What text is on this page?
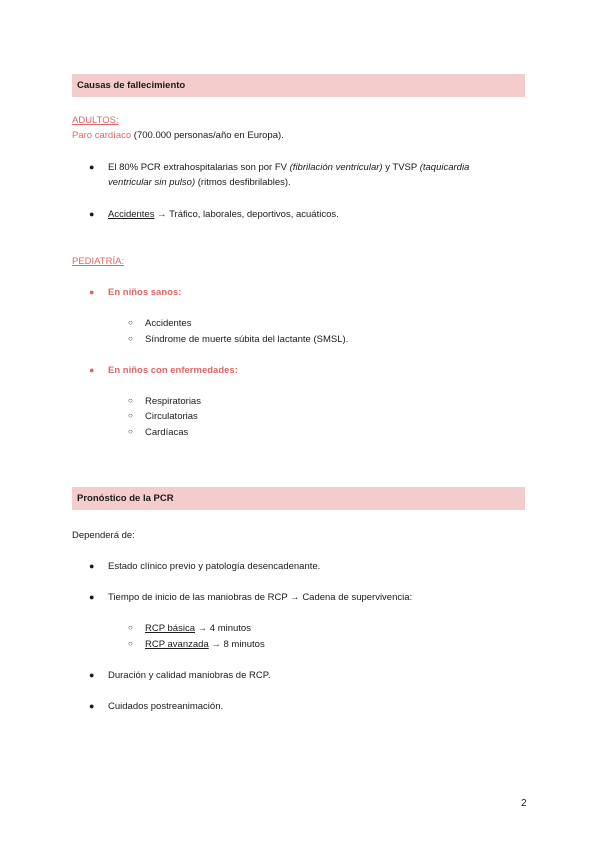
Causas de fallecimiento
ADULTOS:
Paro cardíaco (700.000 personas/año en Europa).
● El 80% PCR extrahospitalarias son por FV (fibrilación ventricular) y TVSP (taquicardia
ventricular sin pulso) (ritmos desfibrilables).
● Accidentes → Tráfico, laborales, deportivos, acuáticos.
PEDIATRÍA:
● En niños sanos:
○ Accidentes
○ Síndrome de muerte súbita del lactante (SMSL).
● En niños con enfermedades:
○ Respiratorias
○ Circulatorias
○ Cardíacas
Pronóstico de la PCR
Dependerá de:
● Estado clínico previo y patología desencadenante.
● Tiempo de inicio de las maniobras de RCP → Cadena de supervivencia:
○ RCP básica → 4 minutos
○ RCP avanzada → 8 minutos
● Duración y calidad maniobras de RCP.
● Cuidados postreanimación.
2
